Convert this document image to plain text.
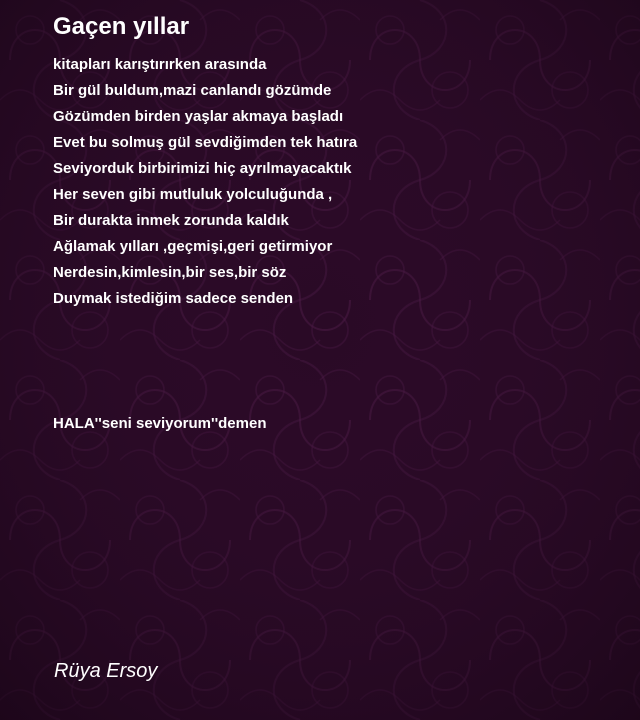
Gaçen yıllar
kitapları karıştırırken arasında
Bir gül buldum,mazi canlandı gözümde
Gözümden birden yaşlar akmaya başladı
Evet bu solmuş gül sevdiğimden tek hatıra
Seviyorduk birbirimizi hiç ayrılmayacaktık
Her seven gibi mutluluk yolculuğunda ,
Bir durakta inmek zorunda kaldık
Ağlamak yılları ,geçmişi,geri getirmiyor
Nerdesin,kimlesin,bir ses,bir söz
Duymak istediğim sadece senden

HALA''seni seviyorum''demen

Rüya Ersoy
